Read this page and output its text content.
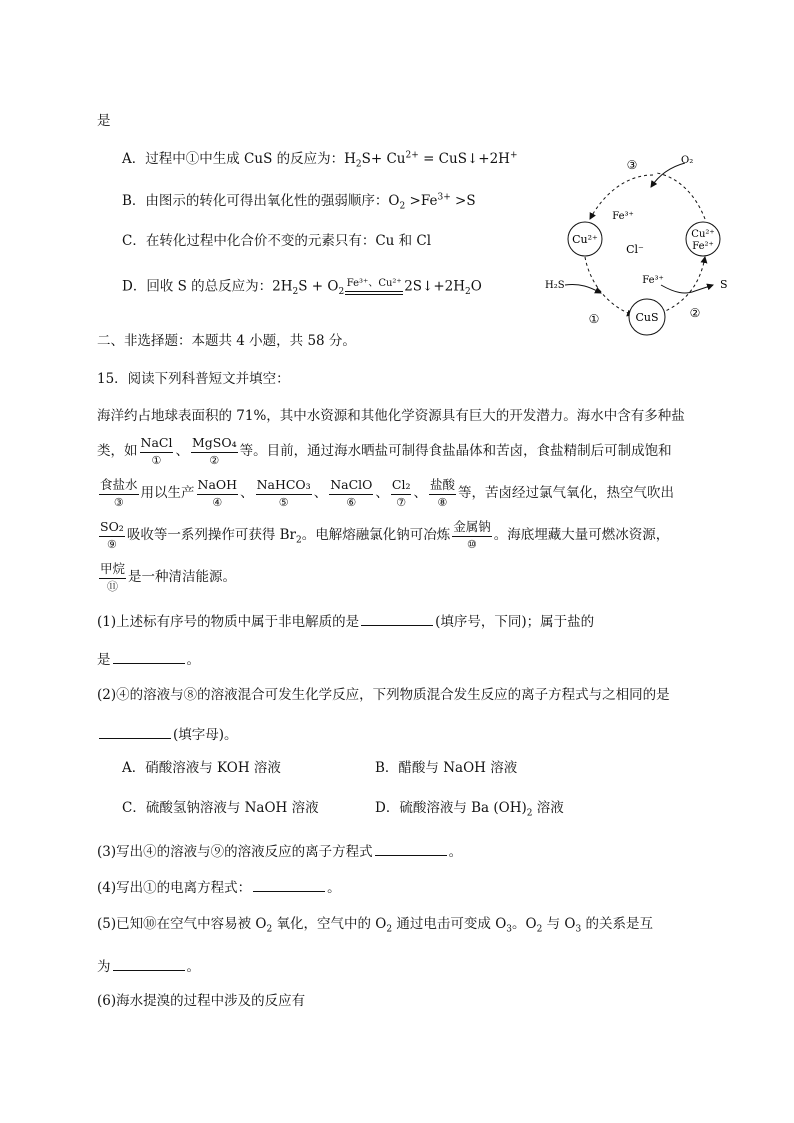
是
A．过程中①中生成 CuS 的反应为：$H_2S+ Cu^{2+}$ = CuS↓+2H+
B．由图示的转化可得出氧化性的强弱顺序：$O_2 >Fe^{3+} >S$
C．在转化过程中化合价不变的元素只有：Cu 和 Cl
D．回收 S 的总反应为：$2H_2S + O_2$
Fe³⁺、Cu²⁺ $2S↓+2H_2O$
Cu²⁺	Cu²⁺
Fe²⁺
CuS
Cl⁻
Fe³⁺
Fe³⁺
O₂
H₂S	S
①	②
③
二、非选择题：本题共 4 小题，共 58 分。
15．阅读下列科普短文并填空：
海洋约占地球表面积的 71%，其中水资源和其他化学资源具有巨大的开发潜力。海水中含有多种盐
类，如 $\frac{\text{NaCl}}{\text{①}}$ 、 $\frac{\text{MgSO₄}}{\text{②}}$ 等。目前，通过海水晒盐可制得食盐晶体和苦卤，食盐精制后可制成饱和
$\frac{\text{食盐水}}{\text{③}}$ 用以生产 $\frac{\text{NaOH}}{\text{④}}$ 、 $\frac{\text{NaHCO₃}}{\text{⑤}}$ 、 $\frac{\text{NaClO}}{\text{⑥}}$ 、 $\frac{\text{Cl₂}}{\text{⑦}}$ 、 $\frac{\text{盐酸}}{\text{⑧}}$ 等，苦卤经过氯气氧化，热空气吹出
$\frac{\text{SO₂}}{\text{⑨}}$ 吸收等一系列操作可获得 $Br_2$。电解熔融氯化钠可冶炼 $\frac{\text{金属钠}}{\text{⑩}}$ 。海底埋藏大量可燃冰资源，
$\frac{\text{甲烷}}{\text{⑪}}$ 是一种清洁能源。
(1)上述标有序号的物质中属于非电解质的是	(填序号，下同)；属于盐的
是	。
(2)④的溶液与⑧的溶液混合可发生化学反应，下列物质混合发生反应的离子方程式与之相同的是
(填字母)。
A．硝酸溶液与 KOH 溶液	B．醋酸与 NaOH 溶液
C．硫酸氢钠溶液与 NaOH 溶液	D．硫酸溶液与 Ba $(OH)_2$ 溶液
(3)写出④的溶液与⑨的溶液反应的离子方程式	。
(4)写出①的电离方程式：	。
(5)已知⑩在空气中容易被 $O_2$ 氧化，空气中的 $O_2$ 通过电击可变成 $O_3$。$O_2$ 与 $O_3$ 的关系是互
为	。
(6)海水提溴的过程中涉及的反应有
